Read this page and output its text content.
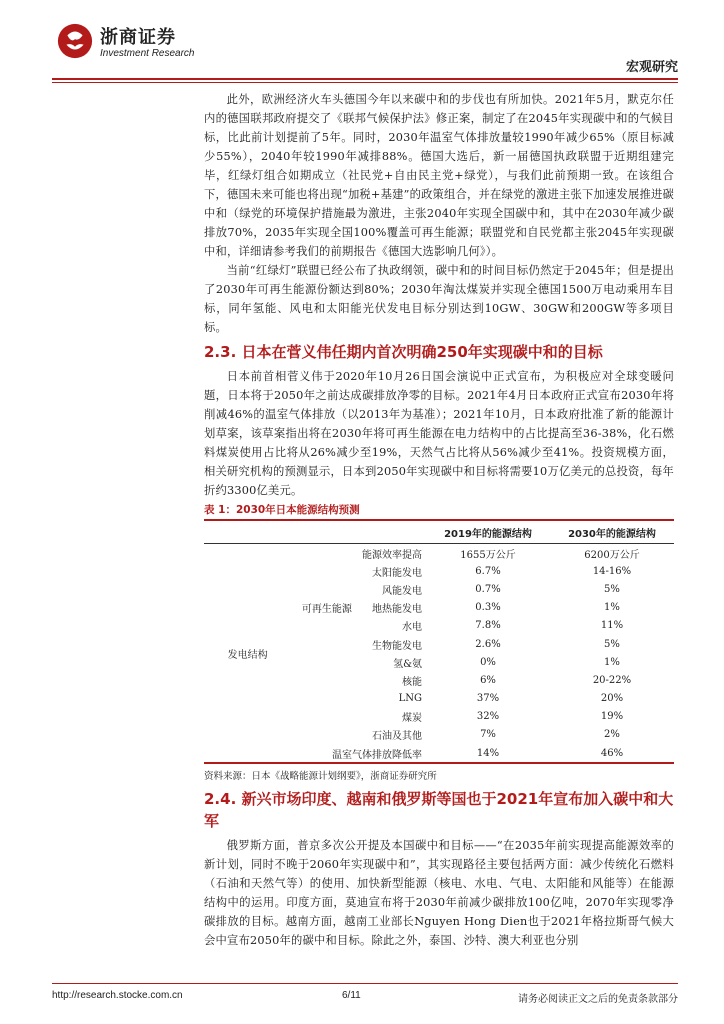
浙商证券
Investment Research
宏观研究

此外，欧洲经济火车头德国今年以来碳中和的步伐也有所加快。2021年5月，默克尔任内的德国联邦政府提交了《联邦气候保护法》修正案，制定了在2045年实现碳中和的气候目标，比此前计划提前了5年。同时，2030年温室气体排放量较1990年减少65%（原目标减少55%），2040年较1990年减排88%。德国大选后，新一届德国执政联盟于近期组建完毕，红绿灯组合如期成立（社民党+自由民主党+绿党），与我们此前预期一致。在该组合下，德国未来可能也将出现“加税+基建”的政策组合，并在绿党的激进主张下加速发展推进碳中和（绿党的环境保护措施最为激进，主张2040年实现全国碳中和，其中在2030年减少碳排放70%，2035年实现全国100%覆盖可再生能源；联盟党和自民党都主张2045年实现碳中和，详细请参考我们的前期报告《德国大选影响几何》）。

当前“红绿灯”联盟已经公布了执政纲领，碳中和的时间目标仍然定于2045年；但是提出了2030年可再生能源份额达到80%；2030年淘汰煤炭并实现全德国1500万电动乘用车目标，同年氢能、风电和太阳能光伏发电目标分别达到10GW、30GW和200GW等多项目标。

2.3. 日本在菅义伟任期内首次明确250年实现碳中和的目标

日本前首相菅义伟于2020年10月26日国会演说中正式宣布，为积极应对全球变暖问题，日本将于2050年之前达成碳排放净零的目标。2021年4月日本政府正式宣布2030年将削减46%的温室气体排放（以2013年为基准）；2021年10月，日本政府批准了新的能源计划草案，该草案指出将在2030年将可再生能源在电力结构中的占比提高至36-38%，化石燃料煤炭使用占比将从26%减少至19%，天然气占比将从56%减少至41%。投资规模方面，相关研究机构的预测显示，日本到2050年实现碳中和目标将需要10万亿美元的总投资，每年折约3300亿美元。

表 1：2030年日本能源结构预测
			2019年的能源结构	2030年的能源结构
	能源效率提高		1655万公斤	6200万公斤
发电结构	可再生能源	太阳能发电	6.7%	14-16%
		风能发电	0.7%	5%
		地热能发电	0.3%	1%
		水电	7.8%	11%
		生物能发电	2.6%	5%
	氢&氨		0%	1%
	核能		6%	20-22%
	LNG		37%	20%
	煤炭		32%	19%
	石油及其他		7%	2%
	温室气体排放降低率		14%	46%
资料来源：日本《战略能源计划纲要》，浙商证券研究所
2.4. 新兴市场印度、越南和俄罗斯等国也于2021年宣布加入碳中和大军

俄罗斯方面，普京多次公开提及本国碳中和目标——“在2035年前实现提高能源效率的新计划，同时不晚于2060年实现碳中和”，其实现路径主要包括两方面：减少传统化石燃料（石油和天然气等）的使用、加快新型能源（核电、水电、气电、太阳能和风能等）在能源结构中的运用。印度方面，莫迪宣布将于2030年前减少碳排放100亿吨，2070年实现零净碳排放的目标。越南方面，越南工业部长Nguyen Hong Dien也于2021年格拉斯哥气候大会中宣布2050年的碳中和目标。除此之外，泰国、沙特、澳大利亚也分别

http://research.stocke.com.cn	6/11	请务必阅读正文之后的免责条款部分
